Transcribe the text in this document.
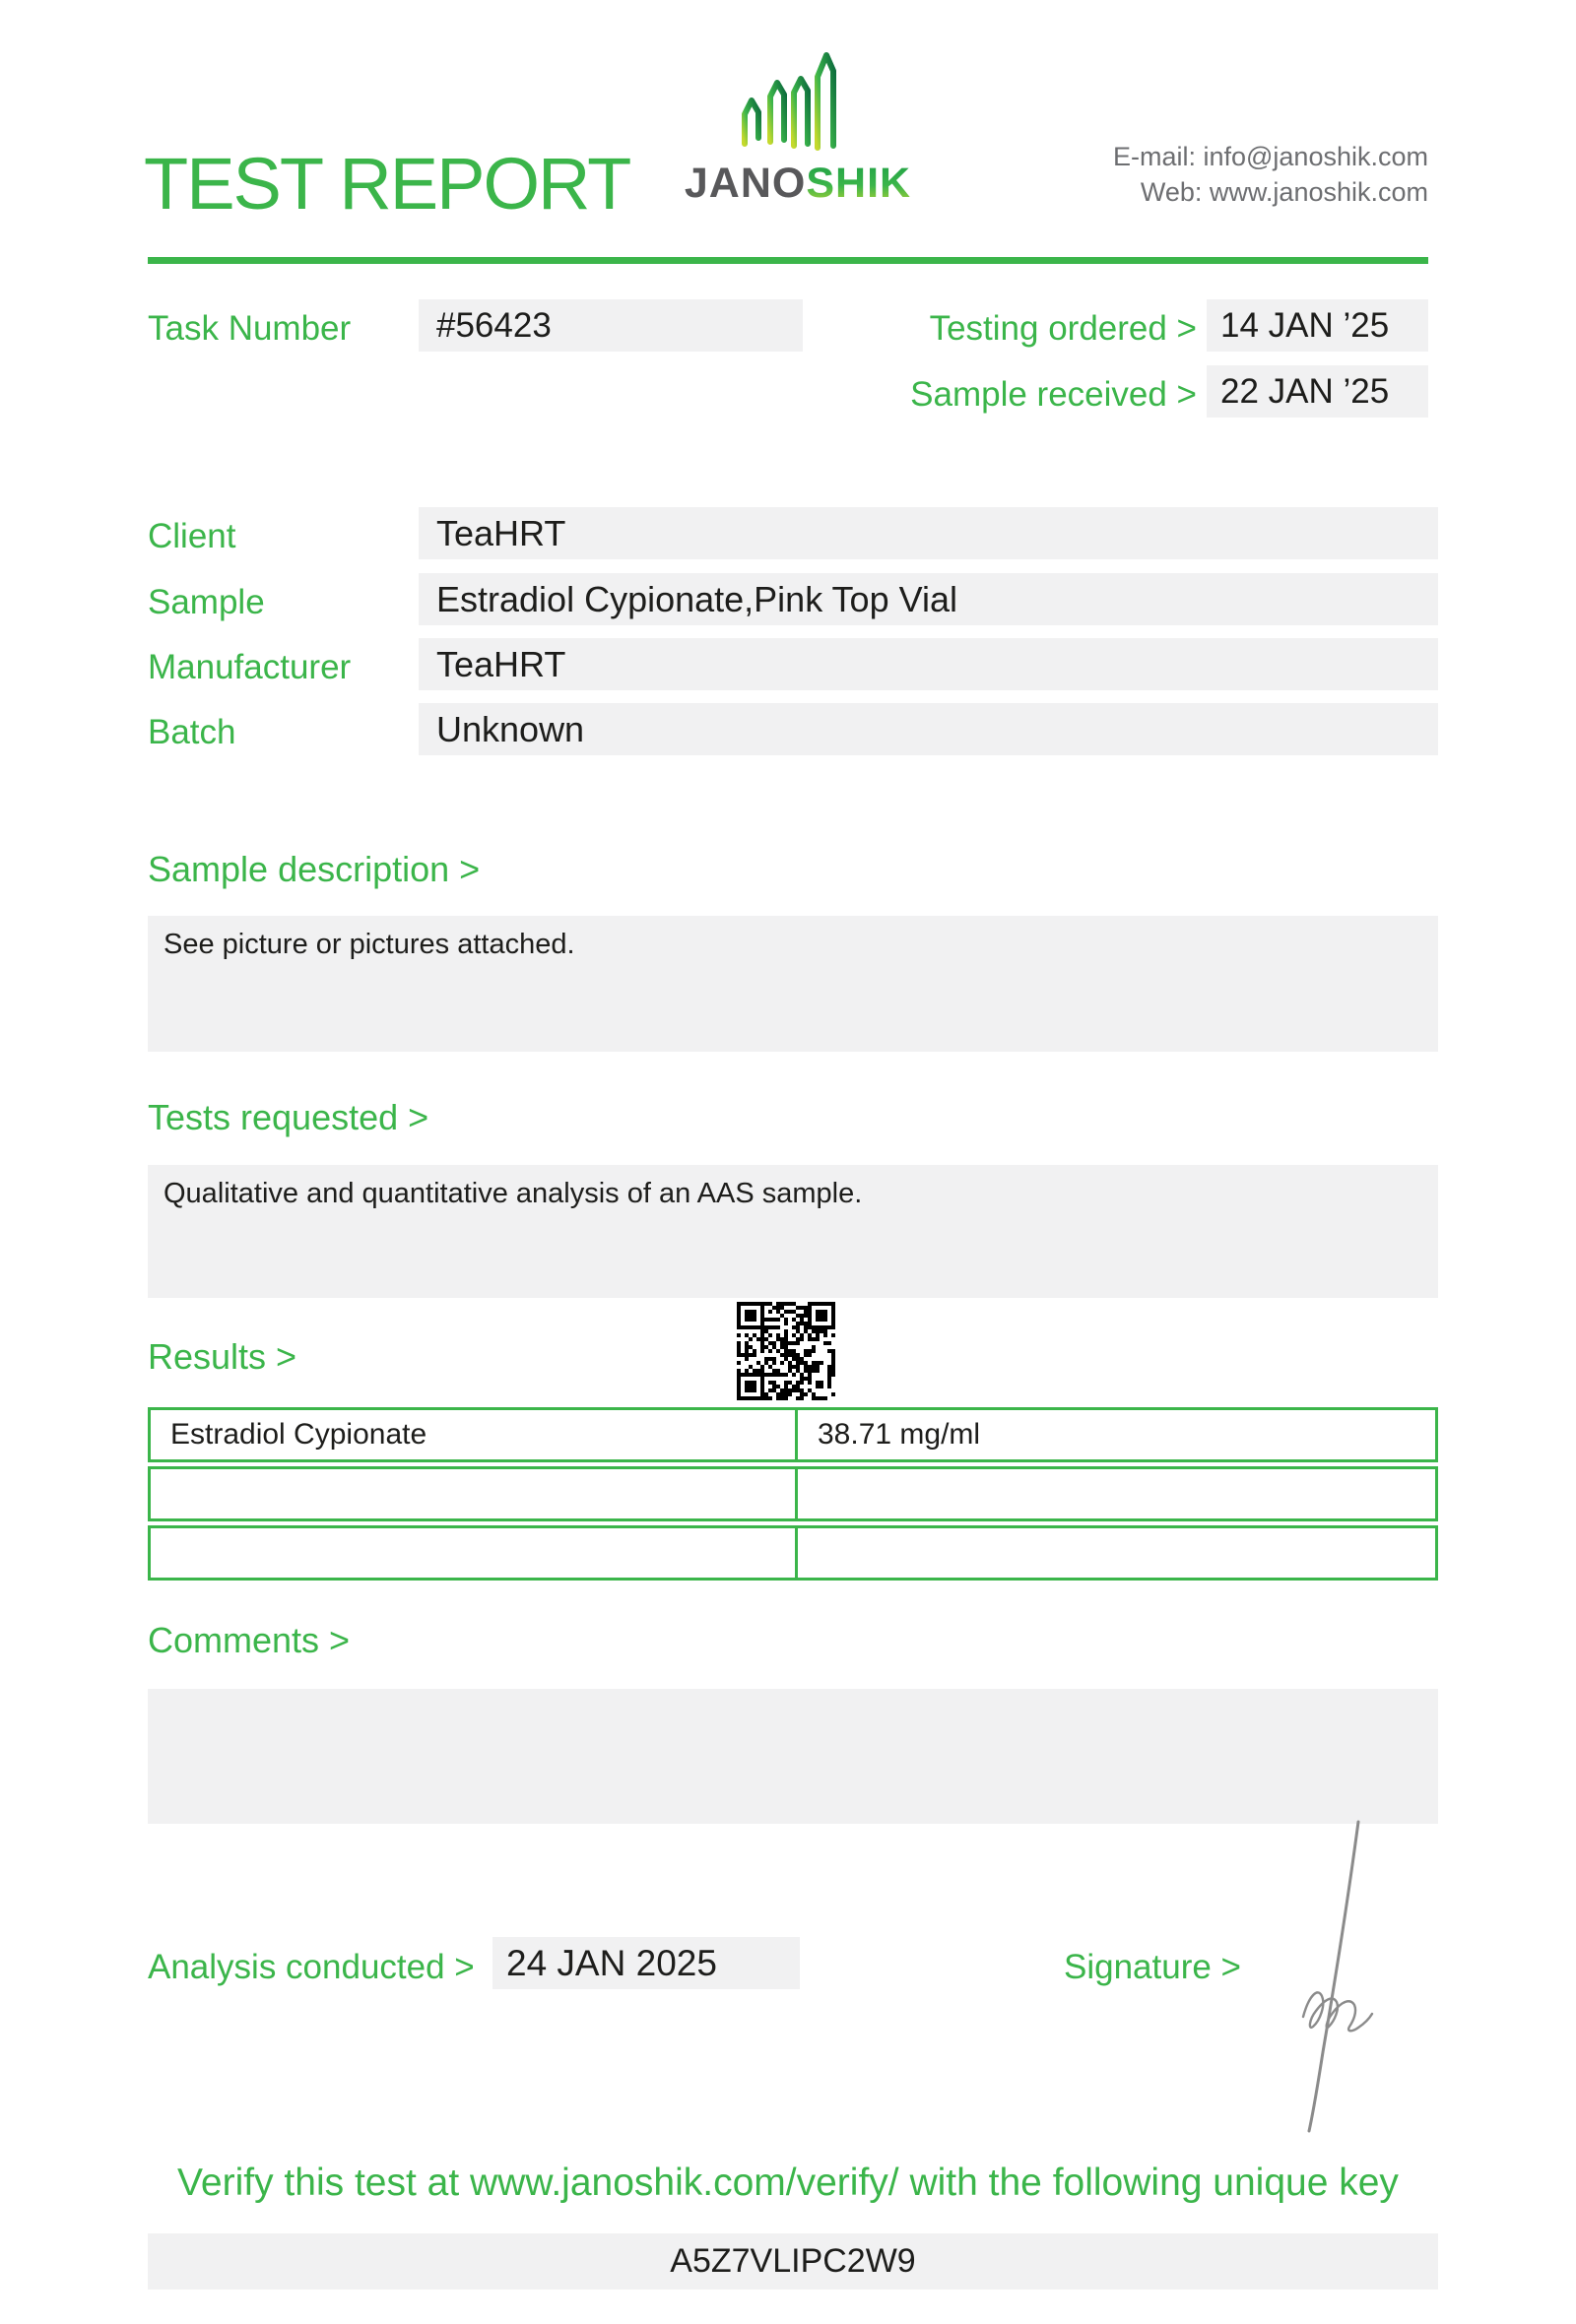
TEST REPORT JANOSHIK
E-mail: info@janoshik.com
Web: www.janoshik.com
Task Number	#56423	Testing ordered > 14 JAN ’25
Sample received > 22 JAN ’25
Client	TeaHRT
Sample	Estradiol Cypionate,Pink Top Vial
Manufacturer	TeaHRT
Batch	Unknown
Sample description >
See picture or pictures attached.
Tests requested >
Qualitative and quantitative analysis of an AAS sample.
Results >
Estradiol Cypionate	38.71 mg/ml
Comments >
Analysis conducted > 24 JAN 2025	Signature >
Verify this test at www.janoshik.com/verify/ with the following unique key
A5Z7VLIPC2W9
